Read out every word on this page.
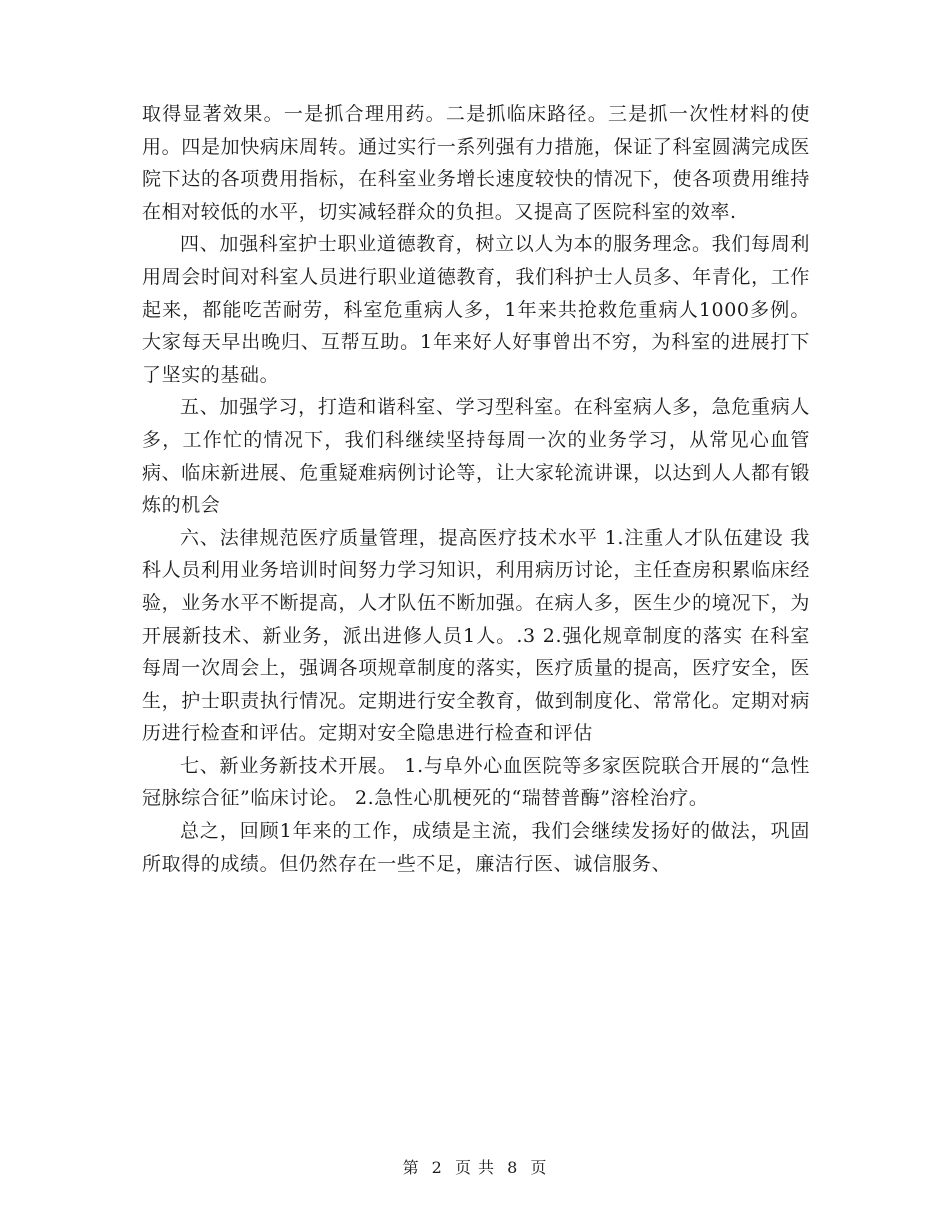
取得显著效果。一是抓合理用药。二是抓临床路径。三是抓一次性材料的使用。四是加快病床周转。通过实行一系列强有力措施，保证了科室圆满完成医院下达的各项费用指标，在科室业务增长速度较快的情况下，使各项费用维持在相对较低的水平，切实减轻群众的负担。又提高了医院科室的效率.

四、加强科室护士职业道德教育，树立以人为本的服务理念。我们每周利用周会时间对科室人员进行职业道德教育，我们科护士人员多、年青化，工作起来，都能吃苦耐劳，科室危重病人多，1年来共抢救危重病人1000多例。大家每天早出晚归、互帮互助。1年来好人好事曾出不穷，为科室的进展打下了坚实的基础。

五、加强学习，打造和谐科室、学习型科室。在科室病人多，急危重病人多，工作忙的情况下，我们科继续坚持每周一次的业务学习，从常见心血管病、临床新进展、危重疑难病例讨论等，让大家轮流讲课，以达到人人都有锻炼的机会

六、法律规范医疗质量管理，提高医疗技术水平 1.注重人才队伍建设 我科人员利用业务培训时间努力学习知识，利用病历讨论，主任查房积累临床经验，业务水平不断提高，人才队伍不断加强。在病人多，医生少的境况下，为开展新技术、新业务，派出进修人员1人。.3 2.强化规章制度的落实 在科室每周一次周会上，强调各项规章制度的落实，医疗质量的提高，医疗安全，医生，护士职责执行情况。定期进行安全教育，做到制度化、常常化。定期对病历进行检查和评估。定期对安全隐患进行检查和评估

七、新业务新技术开展。 1.与阜外心血医院等多家医院联合开展的“急性冠脉综合征”临床讨论。 2.急性心肌梗死的“瑞替普酶”溶栓治疗。

总之，回顾1年来的工作，成绩是主流，我们会继续发扬好的做法，巩固所取得的成绩。但仍然存在一些不足，廉洁行医、诚信服务、

第 2 页 共 8 页
